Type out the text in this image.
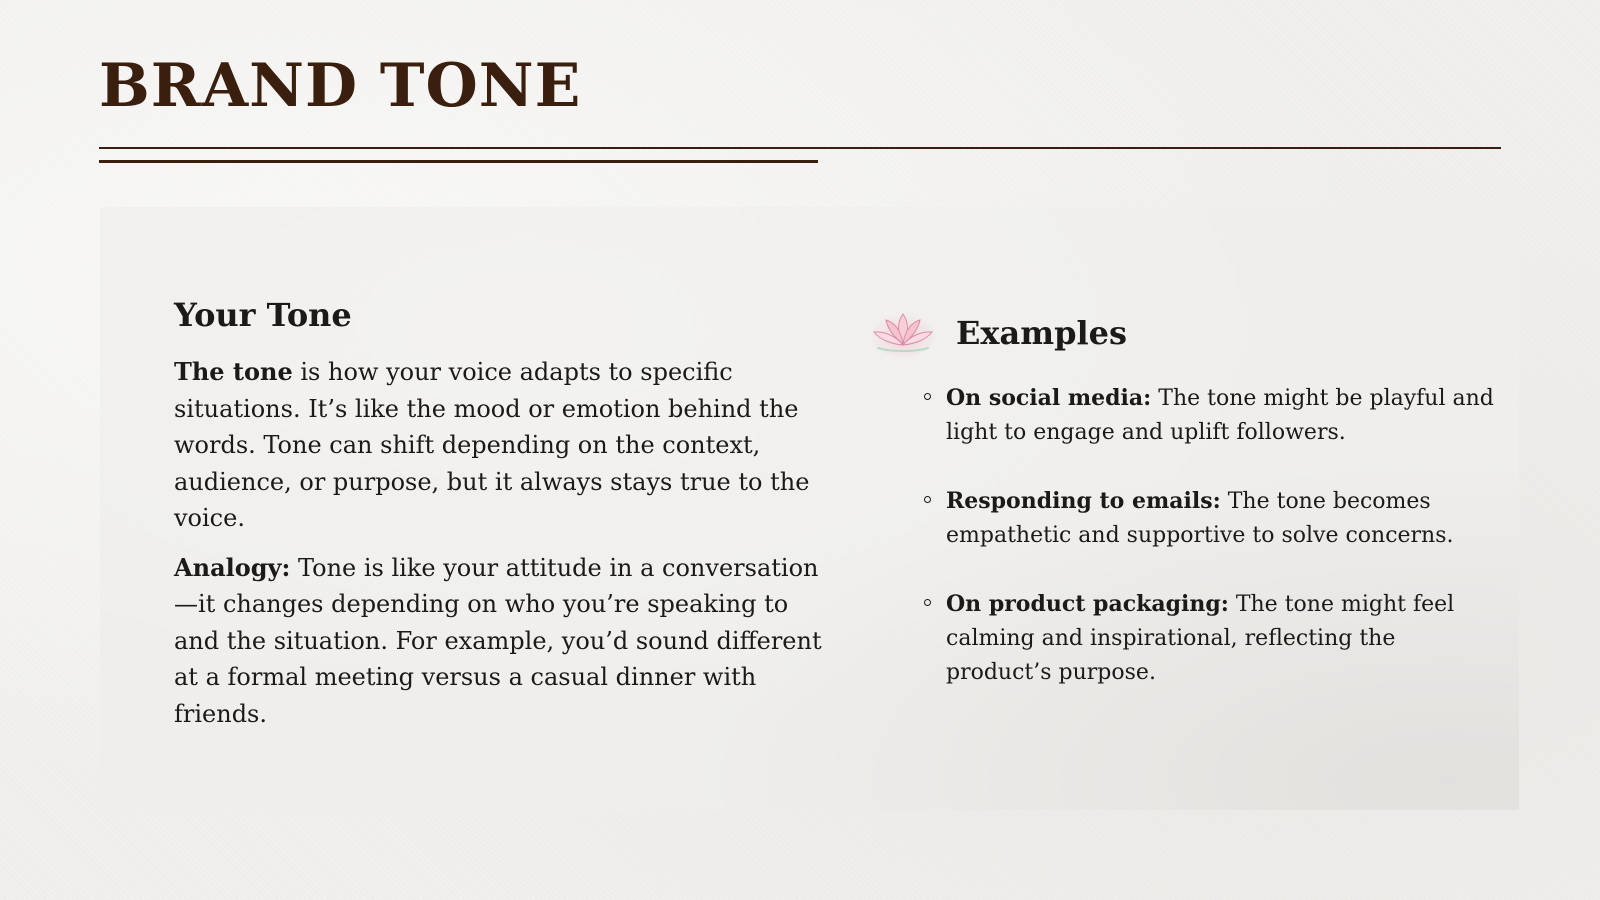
BRAND TONE
Your Tone

The tone is how your voice adapts to specific situations. It’s like the mood or emotion behind the words. Tone can shift depending on the context, audience, or purpose, but it always stays true to the voice.

Analogy: Tone is like your attitude in a conversation—it changes depending on who you’re speaking to and the situation. For example, you’d sound different at a formal meeting versus a casual dinner with friends.

Examples
On social media: The tone might be playful and light to engage and uplift followers.
Responding to emails: The tone becomes empathetic and supportive to solve concerns.
On product packaging: The tone might feel calming and inspirational, reflecting the product’s purpose.
